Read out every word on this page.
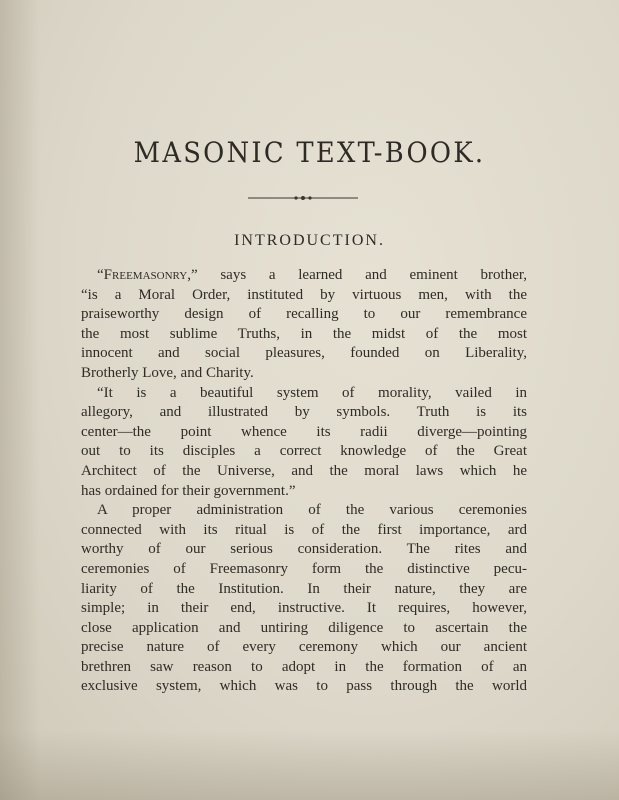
MASONIC TEXT-BOOK.
INTRODUCTION.
“Freemasonry,” says a learned and eminent brother,
“is a Moral Order, instituted by virtuous men, with the
praiseworthy design of recalling to our remembrance
the most sublime Truths, in the midst of the most
innocent and social pleasures, founded on Liberality,
Brotherly Love, and Charity.
“It is a beautiful system of morality, vailed in
allegory, and illustrated by symbols. Truth is its
center—the point whence its radii diverge—pointing
out to its disciples a correct knowledge of the Great
Architect of the Universe, and the moral laws which he
has ordained for their government.”
A proper administration of the various ceremonies
connected with its ritual is of the first importance, ard
worthy of our serious consideration. The rites and
ceremonies of Freemasonry form the distinctive pecu-
liarity of the Institution. In their nature, they are
simple; in their end, instructive. It requires, however,
close application and untiring diligence to ascertain the
precise nature of every ceremony which our ancient
brethren saw reason to adopt in the formation of an
exclusive system, which was to pass through the world
